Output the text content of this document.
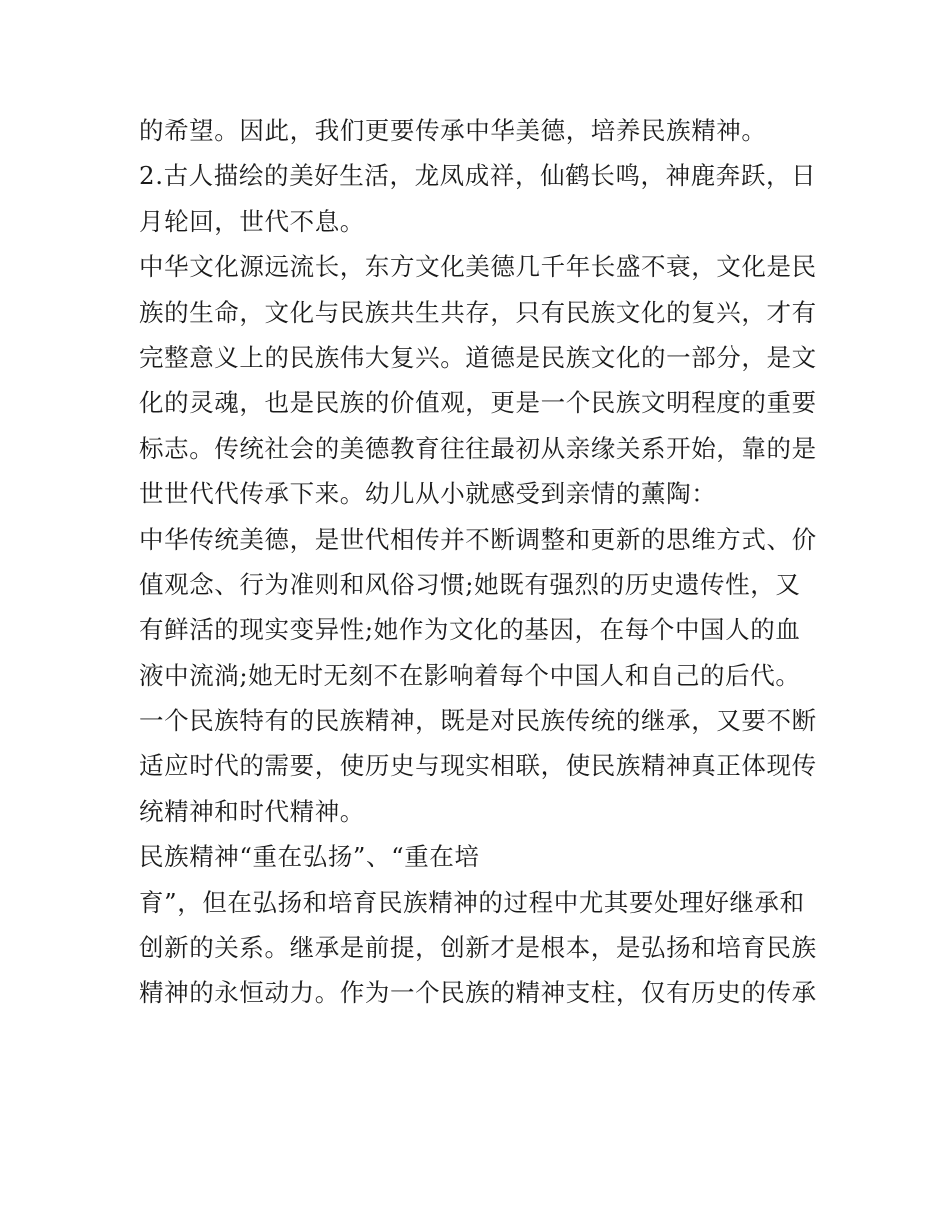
的希望。因此，我们更要传承中华美德，培养民族精神。
2.古人描绘的美好生活，龙凤成祥，仙鹤长鸣，神鹿奔跃，日
月轮回，世代不息。
中华文化源远流长，东方文化美德几千年长盛不衰，文化是民
族的生命，文化与民族共生共存，只有民族文化的复兴，才有
完整意义上的民族伟大复兴。道德是民族文化的一部分，是文
化的灵魂，也是民族的价值观，更是一个民族文明程度的重要
标志。传统社会的美德教育往往最初从亲缘关系开始，靠的是
世世代代传承下来。幼儿从小就感受到亲情的薰陶：
中华传统美德，是世代相传并不断调整和更新的思维方式、价
值观念、行为准则和风俗习惯;她既有强烈的历史遗传性，又
有鲜活的现实变异性;她作为文化的基因，在每个中国人的血
液中流淌;她无时无刻不在影响着每个中国人和自己的后代。
一个民族特有的民族精神，既是对民族传统的继承，又要不断
适应时代的需要，使历史与现实相联，使民族精神真正体现传
统精神和时代精神。
民族精神“重在弘扬”、“重在培
育”，但在弘扬和培育民族精神的过程中尤其要处理好继承和
创新的关系。继承是前提，创新才是根本，是弘扬和培育民族
精神的永恒动力。作为一个民族的精神支柱，仅有历史的传承
